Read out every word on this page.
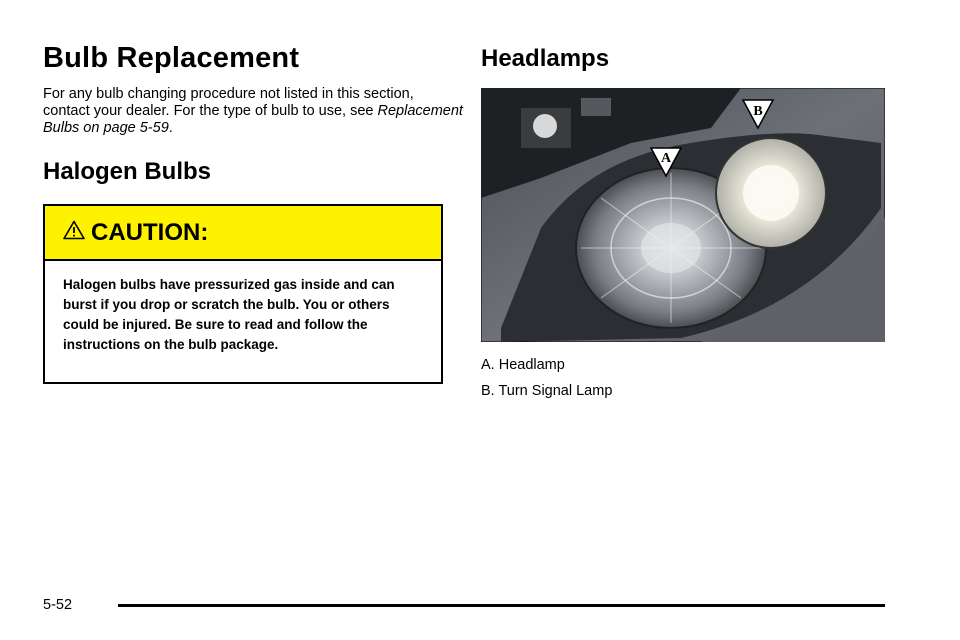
Bulb Replacement

For any bulb changing procedure not listed in this section, contact your dealer. For the type of bulb to use, see Replacement Bulbs on page 5-59.

Halogen Bulbs
CAUTION:

Halogen bulbs have pressurized gas inside and can burst if you drop or scratch the bulb. You or others could be injured. Be sure to read and follow the instructions on the bulb package.

Headlamps
A
B
A. Headlamp
B. Turn Signal Lamp
5-52
